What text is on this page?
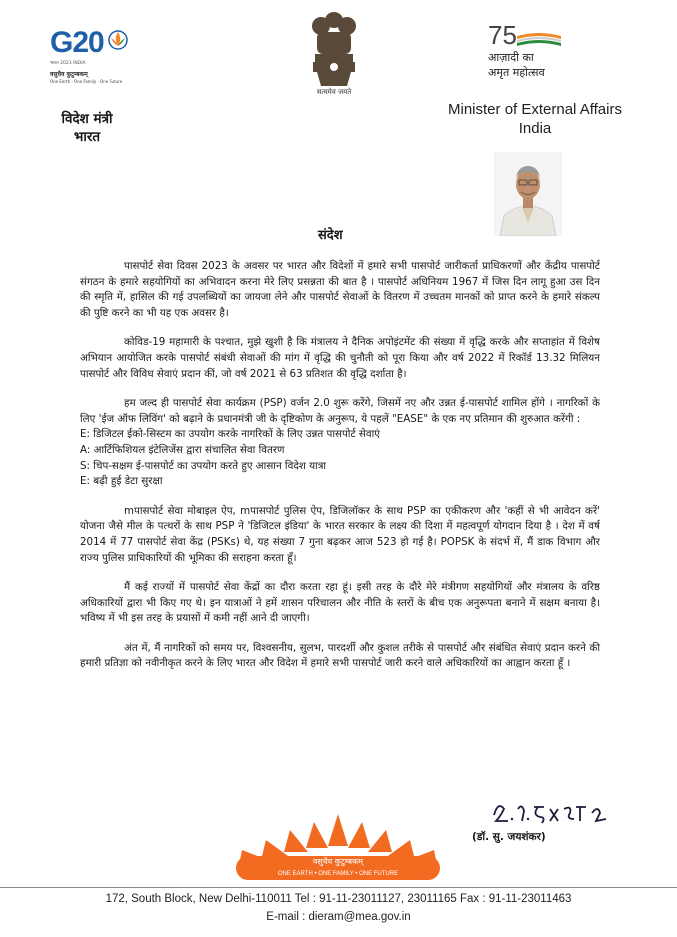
G20
भारत 2023 INDIA
वसुधैव कुटुम्बकम्
One Earth · One Family · One Future
विदेश मंत्री
भारत
सत्यमेव जयते
75
आज़ादी का
अमृत महोत्सव
Minister of External Affairs
India
संदेश

पासपोर्ट सेवा दिवस 2023 के अवसर पर भारत और विदेशों में हमारे सभी पासपोर्ट जारीकर्ता प्राधिकरणों और केंद्रीय पासपोर्ट संगठन के हमारे सहयोगियों का अभिवादन करना मेरे लिए प्रसन्नता की बात है । पासपोर्ट अधिनियम 1967 में जिस दिन लागू हुआ उस दिन की स्मृति में, हासिल की गई उपलब्धियों का जायजा लेने और पासपोर्ट सेवाओं के वितरण में उच्चतम मानकों को प्राप्त करने के हमारे संकल्प की पुष्टि करने का भी यह एक अवसर है।

कोविड-19 महामारी के पश्चात, मुझे खुशी है कि मंत्रालय ने दैनिक अपोइंटमेंट की संख्या में वृद्धि करके और सप्ताहांत में विशेष अभियान आयोजित करके पासपोर्ट संबंधी सेवाओं की मांग में वृद्धि की चुनौती को पूरा किया और वर्ष 2022 में रिकॉर्ड 13.32 मिलियन पासपोर्ट और विविध सेवाएं प्रदान कीं, जो वर्ष 2021 से 63 प्रतिशत की वृद्धि दर्शाता है।

हम जल्द ही पासपोर्ट सेवा कार्यक्रम (PSP) वर्जन 2.0 शुरू करेंगे, जिसमें नए और उन्नत ई-पासपोर्ट शामिल होंगे । नागरिकों के लिए 'ईज ऑफ लिविंग' को बढ़ाने के प्रधानमंत्री जी के दृष्टिकोण के अनुरूप, ये पहलें "EASE" के एक नए प्रतिमान की शुरुआत करेंगी :

E: डिजिटल ईको-सिस्टम का उपयोग करके नागरिकों के लिए उन्नत पासपोर्ट सेवाएं
A: आर्टिफिशियल इंटेलिजेंस द्वारा संचालित सेवा वितरण
S: चिप-सक्षम ई-पासपोर्ट का उपयोग करते हुए आसान विदेश यात्रा
E: बढ़ी हुई डेटा सुरक्षा

mपासपोर्ट सेवा मोबाइल ऐप, mपासपोर्ट पुलिस ऐप, डिजिलॉकर के साथ PSP का एकीकरण और 'कहीं से भी आवेदन करें' योजना जैसे मील के पत्थरों के साथ PSP ने 'डिजिटल इंडिया' के भारत सरकार के लक्ष्य की दिशा में महत्वपूर्ण योगदान दिया है । देश में वर्ष 2014 में 77 पासपोर्ट सेवा केंद्र (PSKs) थे, यह संख्या 7 गुना बढ़कर आज 523 हो गई है। POPSK के संदर्भ में, मैं डाक विभाग और राज्य पुलिस प्राधिकारियों की भूमिका की सराहना करता हूँ।

मैं कई राज्यों में पासपोर्ट सेवा केंद्रों का दौरा करता रहा हूं। इसी तरह के दौरे मेरे मंत्रीगण सहयोगियों और मंत्रालय के वरिष्ठ अधिकारियों द्वारा भी किए गए थे। इन यात्राओं ने हमें शासन परिचालन और नीति के स्तरों के बीच एक अनुरूपता बनाने में सक्षम बनाया है। भविष्य में भी इस तरह के प्रयासों में कमी नहीं आने दी जाएगी।

अंत में, मैं नागरिकों को समय पर, विश्वसनीय, सुलभ, पारदर्शी और कुशल तरीके से पासपोर्ट और संबंधित सेवाएं प्रदान करने की हमारी प्रतिज्ञा को नवीनीकृत करने के लिए भारत और विदेश में हमारे सभी पासपोर्ट जारी करने वाले अधिकारियों का आह्वान करता हूँ ।

वसुधैव कुटुम्बकम्
ONE EARTH • ONE FAMILY • ONE FUTURE
(डॉ. सु. जयशंकर)
172, South Block, New Delhi-110011 Tel : 91-11-23011127, 23011165 Fax : 91-11-23011463
E-mail : dieram@mea.gov.in
